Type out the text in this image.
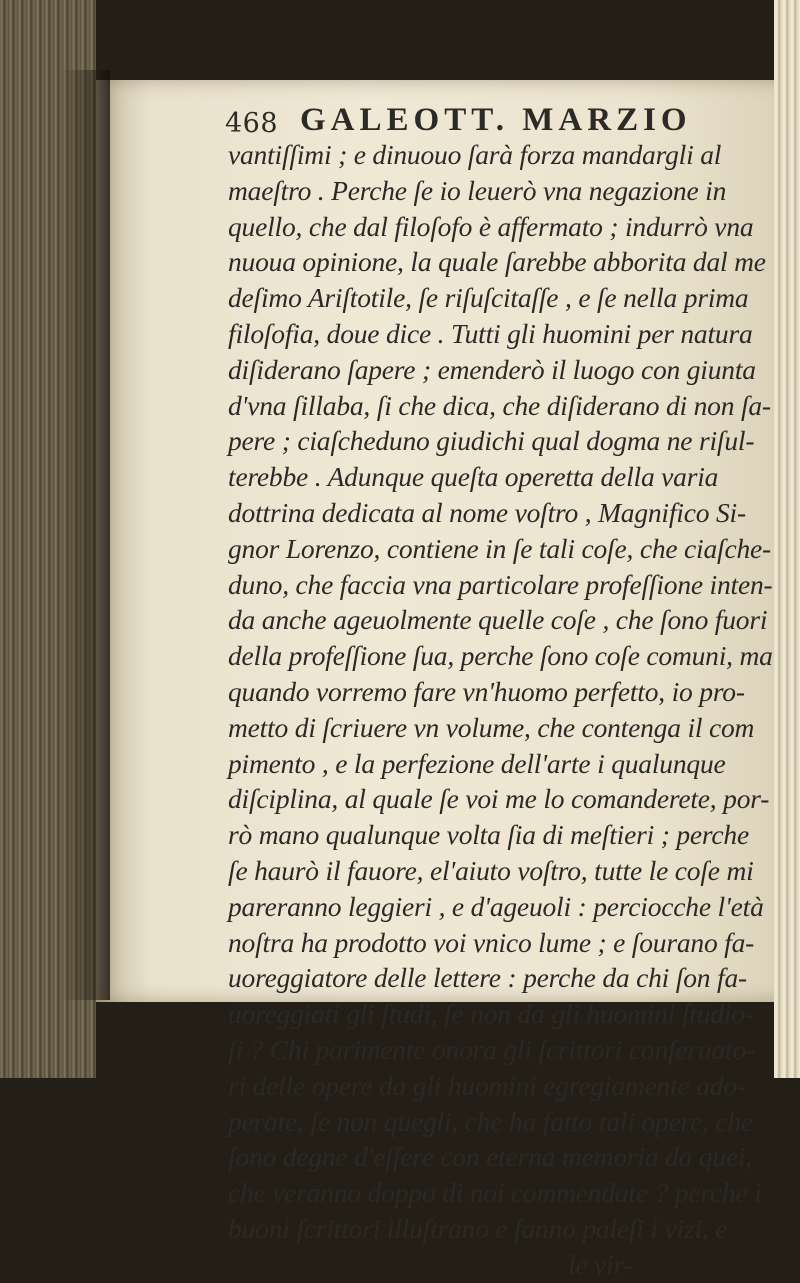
468 GALEOTT. MARZIO
vantiſſimi ; e dinuouo ſarà forza mandargli al
maeſtro . Perche ſe io leuerò vna negazione in
quello, che dal filoſofo è affermato ; indurrò vna
nuoua opinione, la quale ſarebbe abborita dal me
deſimo Ariſtotile, ſe riſuſcitaſſe , e ſe nella prima
filoſofia, doue dice . Tutti gli huomini per natura
diſiderano ſapere ; emenderò il luogo con giunta
d'vna ſillaba, ſi che dica, che diſiderano di non ſa-
pere ; ciaſcheduno giudichi qual dogma ne riſul-
terebbe . Adunque queſta operetta della varia
dottrina dedicata al nome voſtro , Magnifico Si-
gnor Lorenzo, contiene in ſe tali coſe, che ciaſche-
duno, che faccia vna particolare profeſſione inten-
da anche ageuolmente quelle coſe , che ſono fuori
della profeſſione ſua, perche ſono coſe comuni, ma
quando vorremo fare vn'huomo perfetto, io pro-
metto di ſcriuere vn volume, che contenga il com
pimento , e la perfezione dell'arte i qualunque
diſciplina, al quale ſe voi me lo comanderete, por-
rò mano qualunque volta ſia di meſtieri ; perche
ſe haurò il fauore, el'aiuto voſtro, tutte le coſe mi
pareranno leggieri , e d'ageuoli : perciocche l'età
noſtra ha prodotto voi vnico lume ; e ſourano fa-
uoreggiatore delle lettere : perche da chi ſon fa-
uoreggiati gli ſtudi, ſe non da gli huomini ſtudio-
ſi ? Chi parimente onora gli ſcrittori conſeruato-
ri delle opere da gli huomini egregiamente ado-
perate, ſe non quegli, che ha fatto tali opere, che
ſono degne d'eſſere con eterna memoria da quei,
che veranno doppo di noi commendate ? perche i
buoni ſcrittori illuſtrano e fanno paleſi i vizi, e
le vir-
